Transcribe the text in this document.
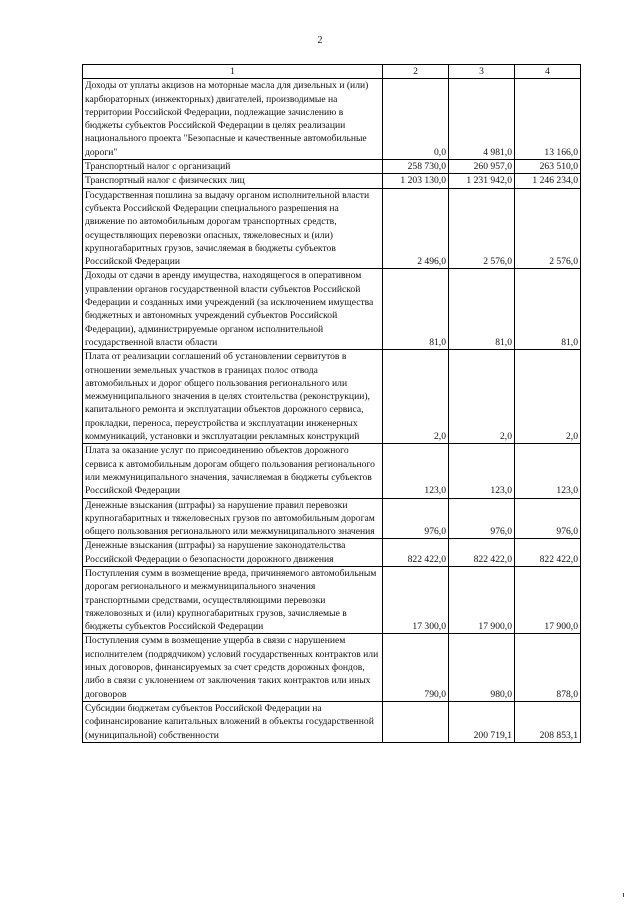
2
1	2	3	4
Доходы от уплаты акцизов на моторные масла для дизельных и (или) карбюраторных (инжекторных) двигателей, производимые на территории Российской Федерации, подлежащие зачислению в бюджеты субъектов Российской Федерации в целях реализации национального проекта "Безопасные и качественные автомобильные дороги"	0,0	4 981,0	13 166,0
Транспортный налог с организаций	258 730,0	260 957,0	263 510,0
Транспортный налог с физических лиц	1 203 130,0	1 231 942,0	1 246 234,0
Государственная пошлина за выдачу органом исполнительной власти субъекта Российской Федерации специального разрешения на движение по автомобильным дорогам транспортных средств, осуществляющих перевозки опасных, тяжеловесных и (или) крупногабаритных грузов, зачисляемая в бюджеты субъектов Российской Федерации	2 496,0	2 576,0	2 576,0
Доходы от сдачи в аренду имущества, находящегося в оперативном управлении органов государственной власти субъектов Российской Федерации и созданных ими учреждений (за исключением имущества бюджетных и автономных учреждений субъектов Российской Федерации), администрируемые органом исполнительной государственной власти области	81,0	81,0	81,0
Плата от реализации соглашений об установлении сервитутов в отношении земельных участков в границах полос отвода автомобильных и дорог общего пользования регионального или межмуниципального значения в целях стоительства (реконструкции), капитального ремонта и эксплуатации объектов дорожного сервиса, прокладки, переноса, переустройства и эксплуатации инженерных коммуникаций, установки и эксплуатации рекламных конструкций	2,0	2,0	2,0
Плата за оказание услуг по присоединению объектов дорожного сервиса к автомобильным дорогам общего пользования регионального или межмуниципального значения, зачисляемая в бюджеты субъектов Российской Федерации	123,0	123,0	123,0
Денежные взыскания (штрафы) за нарушение правил перевозки крупногабаритных и тяжеловесных грузов по автомобильным дорогам общего пользования регионального или межмуниципального значения	976,0	976,0	976,0
Денежные взыскания (штрафы) за нарушение законодательства Российской Федерации о безопасности дорожного движения	822 422,0	822 422,0	822 422,0
Поступления сумм в возмещение вреда, причиняемого автомобильным дорогам регионального и межмуниципального значения транспортными средствами, осуществляющими перевозки тяжеловозных и (или) крупногабаритных грузов, зачисляемые в бюджеты субъектов Российской Федерации	17 300,0	17 900,0	17 900,0
Поступления сумм в возмещение ущерба в связи с нарушением исполнителем (подрядчиком) условий государственных контрактов или иных договоров, финансируемых за счет средств дорожных фондов, либо в связи с уклонением от заключения таких контрактов или иных договоров	790,0	980,0	878,0
Субсидии бюджетам субъектов Российской Федерации на софинансирование капитальных вложений в объекты государственной (муниципальной) собственности		200 719,1	208 853,1
